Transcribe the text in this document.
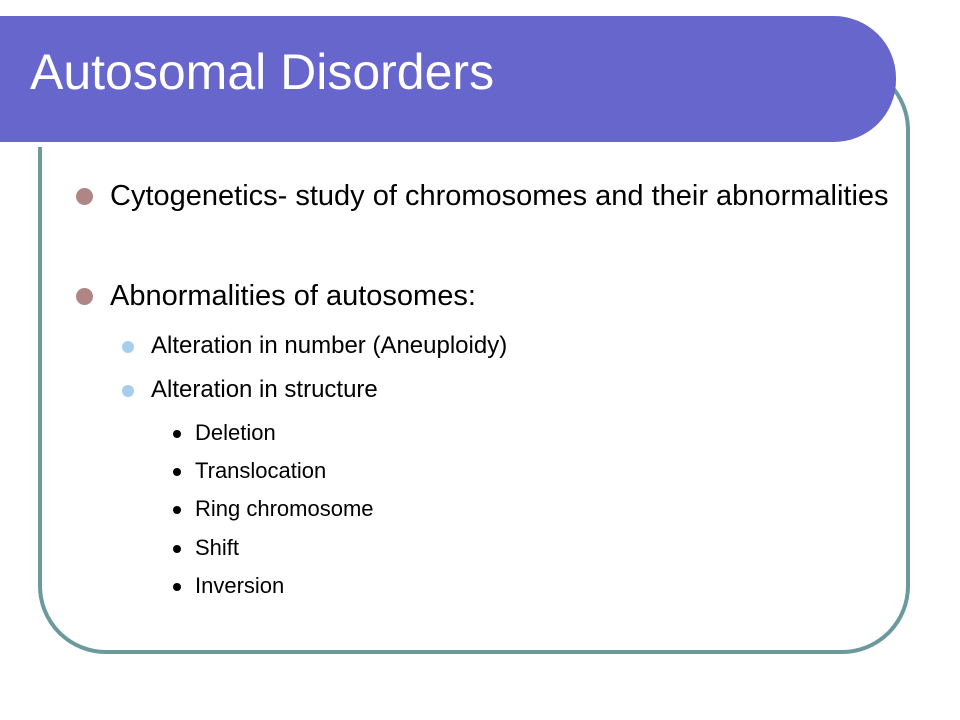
Autosomal Disorders
Cytogenetics- study of chromosomes and their abnormalities
Abnormalities of autosomes:
Alteration in number (Aneuploidy)
Alteration in structure
Deletion
Translocation
Ring chromosome
Shift
Inversion
